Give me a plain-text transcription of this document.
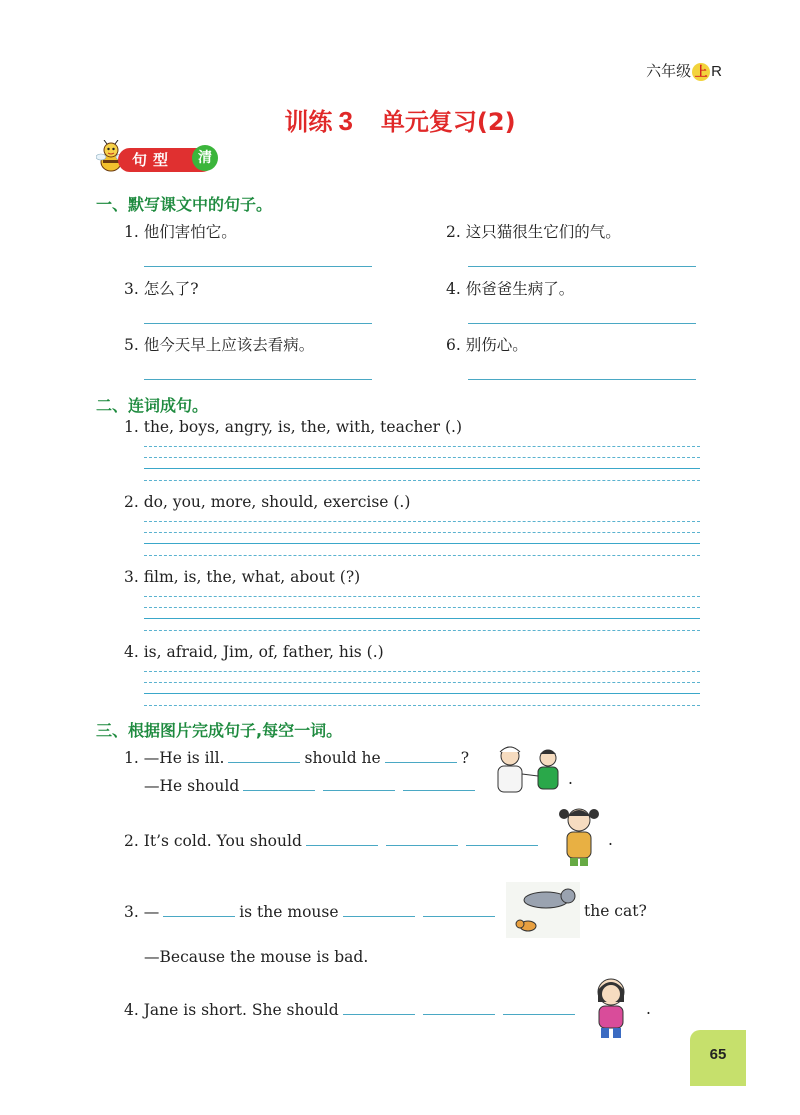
六年级 上 R
训练 3 单元复习(2)
句型	清
一、默写课文中的句子。
1. 他们害怕它。	2. 这只猫很生它们的气。
3. 怎么了?	4. 你爸爸生病了。
5. 他今天早上应该去看病。	6. 别伤心。
二、连词成句。
1. the, boys, angry, is, the, with, teacher (.)
2. do, you, more, should, exercise (.)
3. film, is, the, what, about (?)
4. is, afraid, Jim, of, father, his (.)
三、根据图片完成句子,每空一词。
1. —He is ill.	should he	?
—He should	.
2. It’s cold. You should	.
3. —	is the mouse	the cat?
—Because the mouse is bad.
4. Jane is short. She should	.
65
